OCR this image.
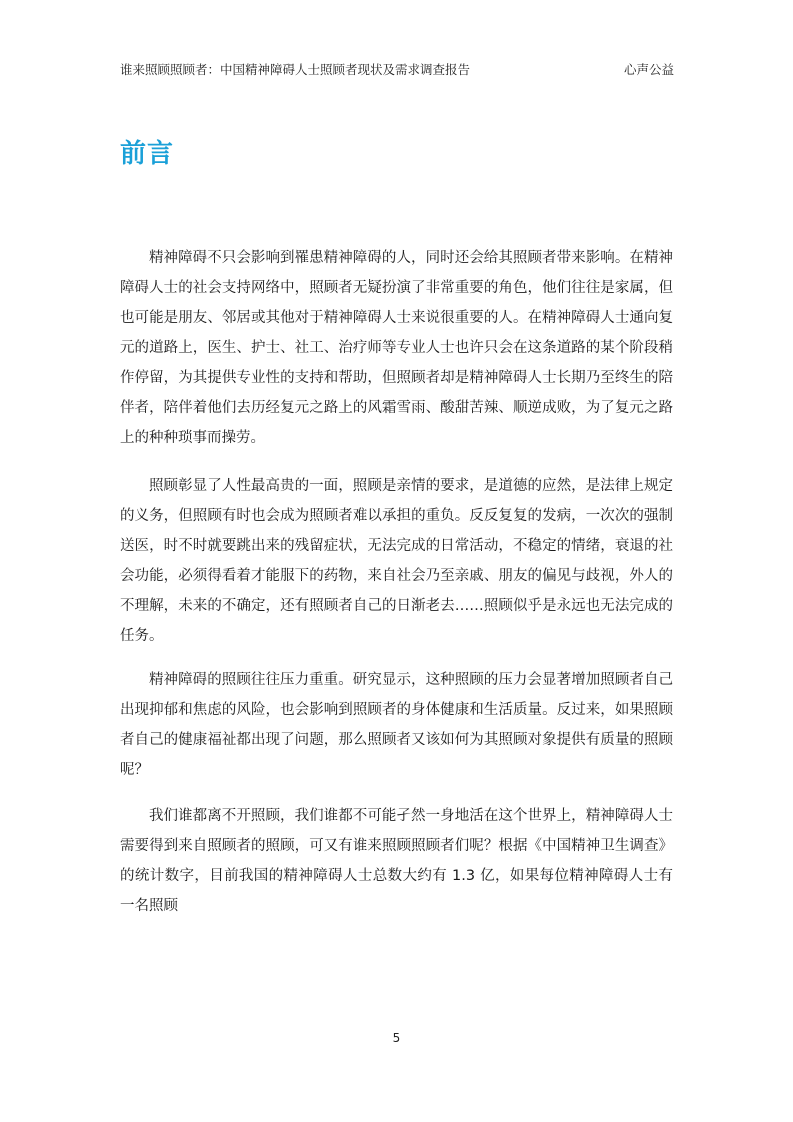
谁来照顾照顾者：中国精神障碍人士照顾者现状及需求调查报告	心声公益
前言

精神障碍不只会影响到罹患精神障碍的人，同时还会给其照顾者带来影响。在精神障碍人士的社会支持网络中，照顾者无疑扮演了非常重要的角色，他们往往是家属，但也可能是朋友、邻居或其他对于精神障碍人士来说很重要的人。在精神障碍人士通向复元的道路上，医生、护士、社工、治疗师等专业人士也许只会在这条道路的某个阶段稍作停留，为其提供专业性的支持和帮助，但照顾者却是精神障碍人士长期乃至终生的陪伴者，陪伴着他们去历经复元之路上的风霜雪雨、酸甜苦辣、顺逆成败，为了复元之路上的种种琐事而操劳。

照顾彰显了人性最高贵的一面，照顾是亲情的要求，是道德的应然，是法律上规定的义务，但照顾有时也会成为照顾者难以承担的重负。反反复复的发病，一次次的强制送医，时不时就要跳出来的残留症状，无法完成的日常活动，不稳定的情绪，衰退的社会功能，必须得看着才能服下的药物，来自社会乃至亲戚、朋友的偏见与歧视，外人的不理解，未来的不确定，还有照顾者自己的日渐老去……照顾似乎是永远也无法完成的任务。

精神障碍的照顾往往压力重重。研究显示，这种照顾的压力会显著增加照顾者自己出现抑郁和焦虑的风险，也会影响到照顾者的身体健康和生活质量。反过来，如果照顾者自己的健康福祉都出现了问题，那么照顾者又该如何为其照顾对象提供有质量的照顾呢？

我们谁都离不开照顾，我们谁都不可能孑然一身地活在这个世界上，精神障碍人士需要得到来自照顾者的照顾，可又有谁来照顾照顾者们呢？根据《中国精神卫生调查》的统计数字，目前我国的精神障碍人士总数大约有 1.3 亿，如果每位精神障碍人士有一名照顾

5
